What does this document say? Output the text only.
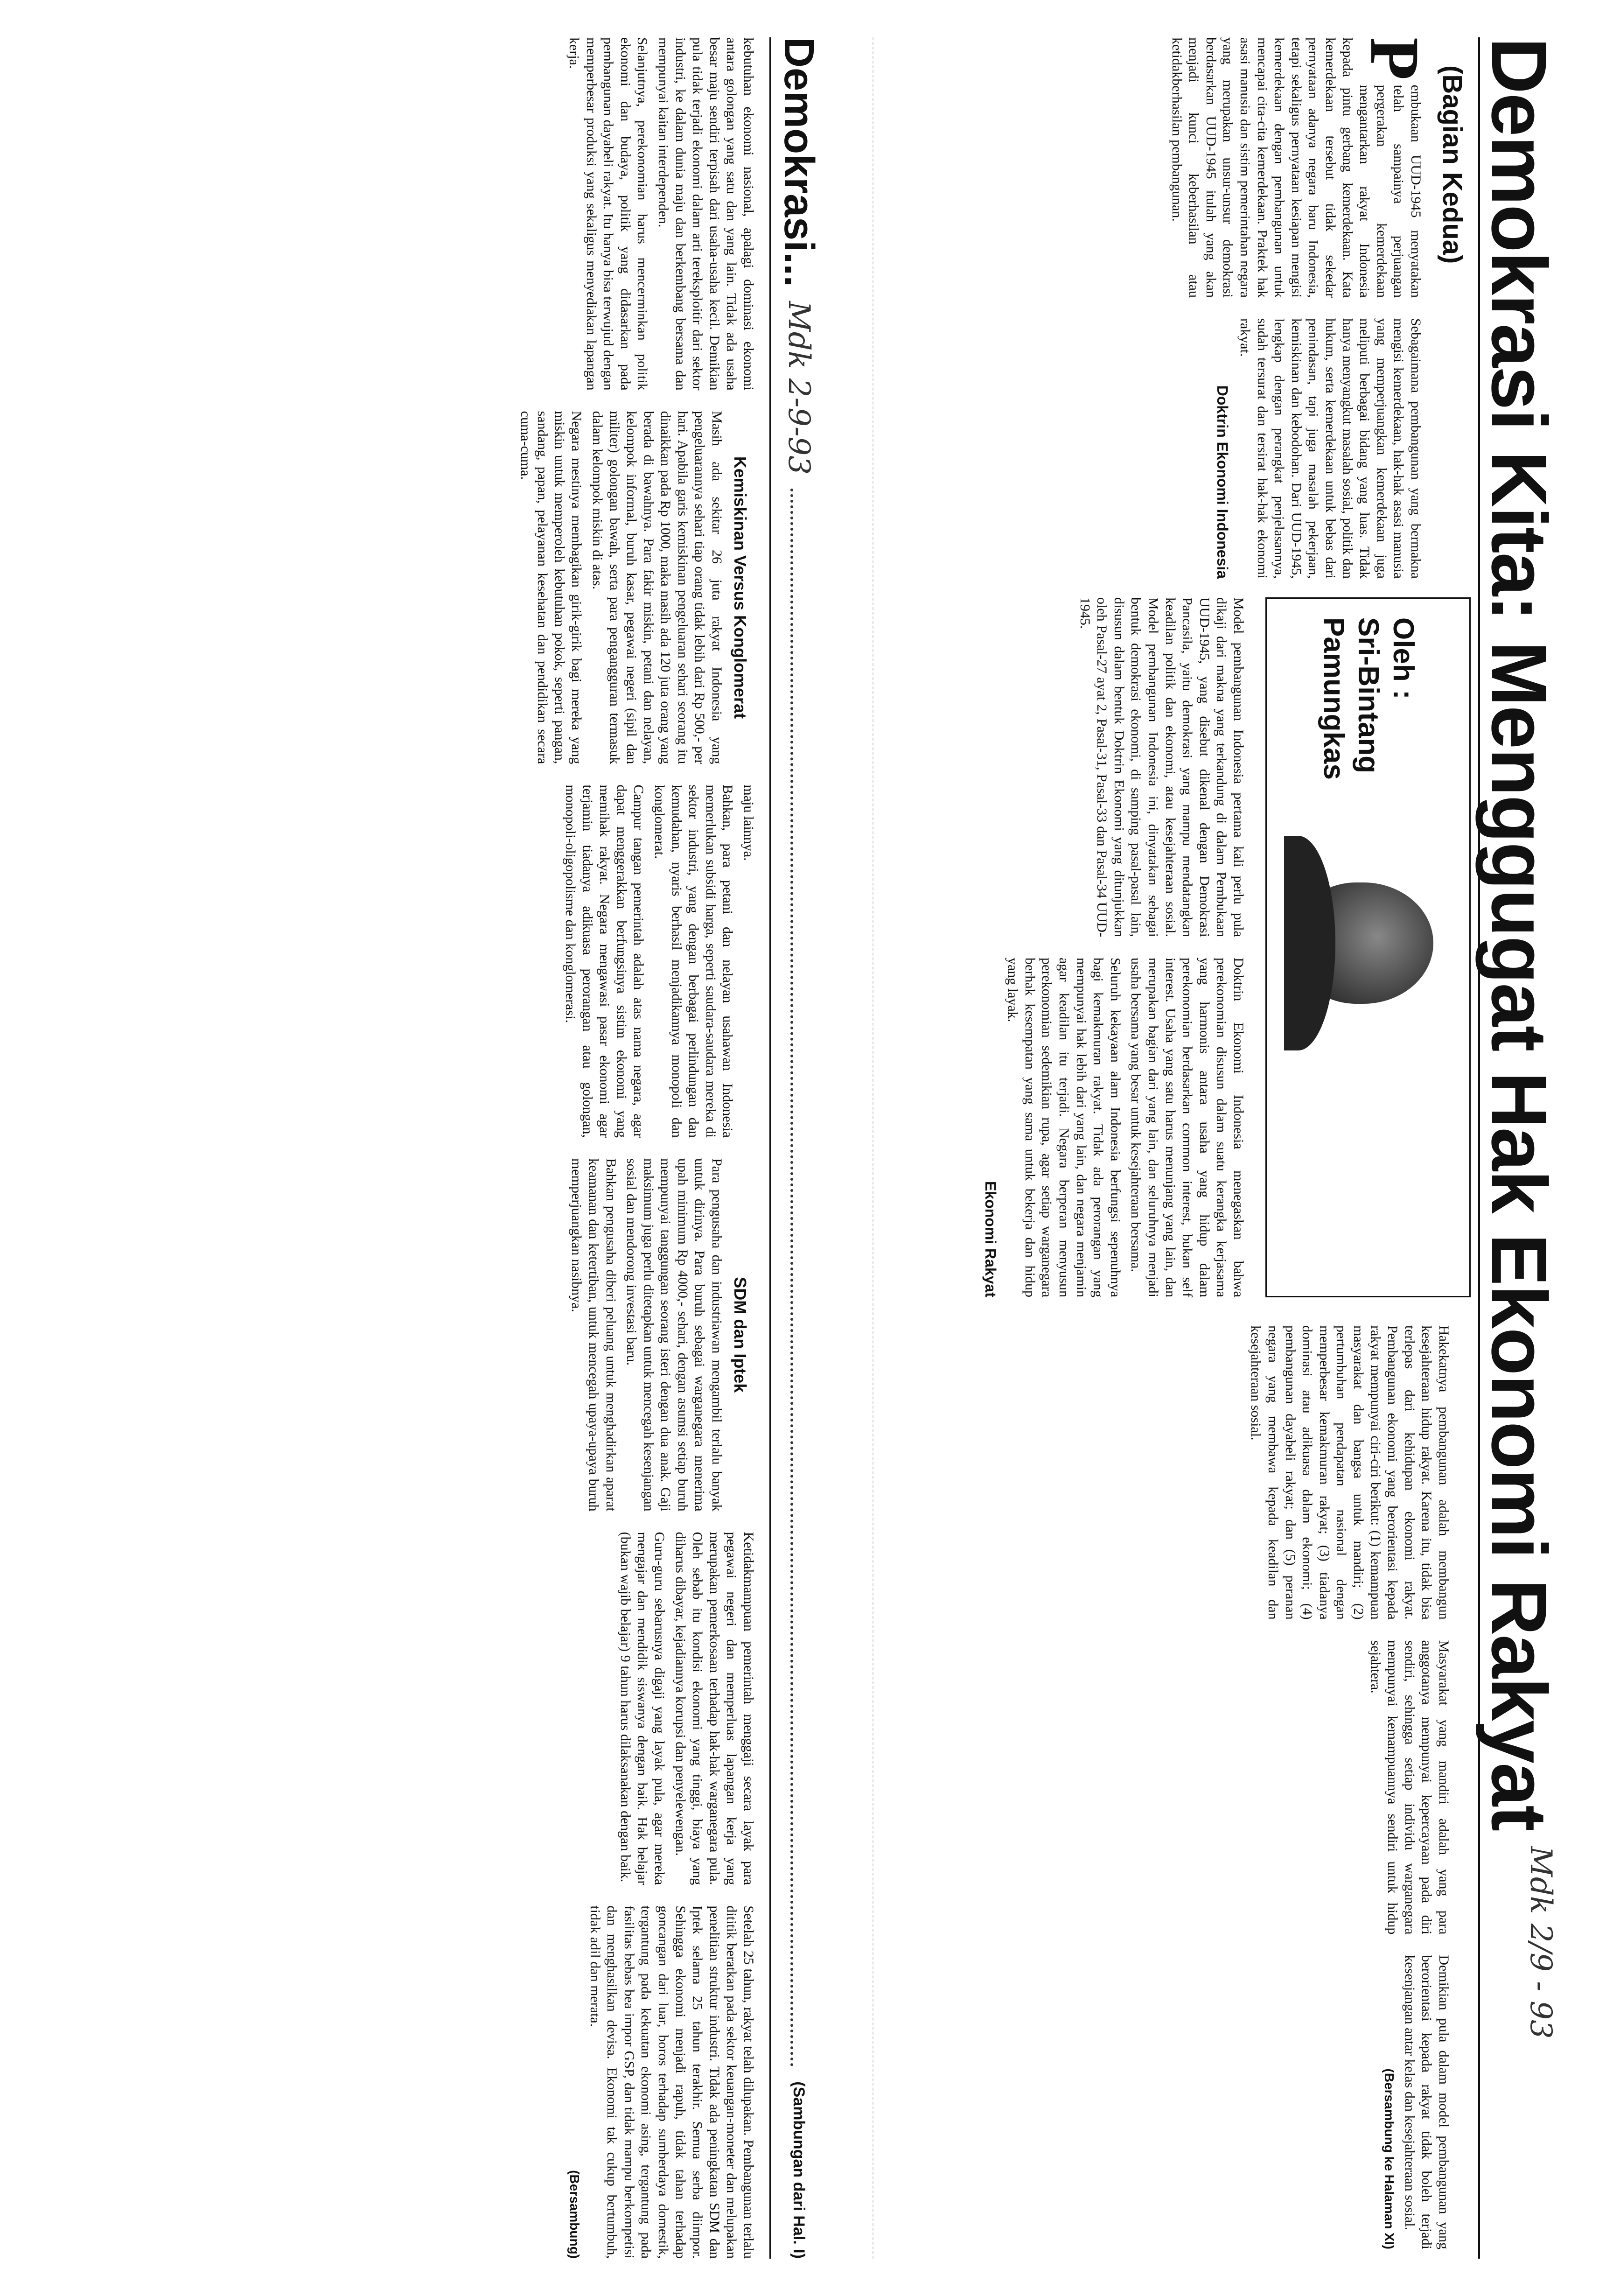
Demokrasi Kita: Menggugat Hak Ekonomi Rakyat
Mdk 2/9 - 93
(Bagian Kedua)
Oleh :
Sri-Bintang
Pamungkas

Pembukaan UUD-1945 menyatakan telah sampainya perjuangan pergerakan kemerdekaan mengantarkan rakyat Indonesia kepada pintu gerbang kemerdekaan. Kata kemerdekaan tersebut tidak sekedar pernyataan adanya negara baru Indonesia, tetapi sekaligus pernyataan kesiapan mengisi kemerdekaan dengan pembangunan untuk mencapai cita-cita kemerdekaan. Praktek hak asasi manusia dan sistim pemerintahan negara yang merupakan unsur-unsur demokrasi berdasarkan UUD-1945 itulah yang akan menjadi kunci keberhasilan atau ketidakberhasilan pembangunan.

Sebagaimana pembangunan yang bermakna mengisi kemerdekaan, hak-hak asasi manusia yang memperjuangkan kemerdekaan juga meliputi berbagai bidang yang luas. Tidak hanya menyangkut masalah sosial, politik dan hukum, serta kemerdekaan untuk bebas dari penindasan, tapi juga masalah pekerjaan, kemiskinan dan kebodohan. Dari UUD-1945, lengkap dengan perangkat penjelasannya, sudah tersurat dan tersirat hak-hak ekonomi rakyat.

Doktrin Ekonomi Indonesia

Model pembangunan Indonesia pertama kali perlu pula dikaji dari makna yang terkandung di dalam Pembukaan UUD-1945, yang disebut dikenal dengan Demokrasi Pancasila, yaitu demokrasi yang mampu mendatangkan keadilan politik dan ekonomi, atau kesejahteraan sosial. Model pembangunan Indonesia ini, dinyatakan sebagai bentuk demokrasi ekonomi, di samping pasal-pasal lain, disusun dalam bentuk Doktrin Ekonomi yang ditunjukkan oleh Pasal-27 ayat 2, Pasal-31, Pasal-33 dan Pasal-34 UUD-1945.

Doktrin Ekonomi Indonesia menegaskan bahwa perekonomian disusun dalam suatu kerangka kerjasama yang harmonis antara usaha yang hidup dalam perekonomian berdasarkan common interest, bukan self interest. Usaha yang satu harus menunjang yang lain, dan merupakan bagian dari yang lain, dan seluruhnya menjadi usaha bersama yang besar untuk kesejahteraan bersama.

Seluruh kekayaan alam Indonesia berfungsi sepenuhnya bagi kemakmuran rakyat. Tidak ada perorangan yang mempunyai hak lebih dari yang lain, dan negara menjamin agar keadilan itu terjadi. Negara berperan menyusun perekonomian sedemikian rupa, agar setiap warganegara berhak kesempatan yang sama untuk bekerja dan hidup yang layak.

Ekonomi Rakyat

Hakekatnya pembangunan adalah membangun kesejahteraan hidup rakyat. Karena itu, tidak bisa terlepas dari kehidupan ekonomi rakyat. Pembangunan ekonomi yang berorientasi kepada rakyat mempunyai ciri-ciri berikut: (1) kemampuan masyarakat dan bangsa untuk mandiri; (2) pertumbuhan pendapatan nasional dengan memperbesar kemakmuran rakyat; (3) tiadanya dominasi atau adikuasa dalam ekonomi; (4) pembangunan dayabeli rakyat; dan (5) peranan negara yang membawa kepada keadilan dan kesejahteraan sosial.

Masyarakat yang mandiri adalah yang para anggotanya mempunyai kepercayaan pada diri sendiri, sehingga setiap individu warganegara mempunyai kemampuannya sendiri untuk hidup sejahtera.

Demikian pula dalam model pembangunan yang berorientasi kepada rakyat tidak boleh terjadi kesenjangan antar kelas dan kesejahteraan sosial.

(Bersambung ke Halaman XI)

Demokrasi...
Mdk 2-9-93
(Sambungan dari Hal. I)

kebutuhan ekonomi nasional, apalagi dominasi ekonomi antara golongan yang satu dan yang lain. Tidak ada usaha besar maju sendiri terpisah dari usaha-usaha kecil. Demikian pula tidak terjadi ekonomi dalam arti tereksploitir dari sektor industri, ke dalam dunia maju dan berkembang bersama dan mempunyai kaitan interdependen.

Selanjutnya, perekonomian harus mencerminkan politik ekonomi dan budaya, politik yang didasarkan pada pembangunan dayabeli rakyat. Itu hanya bisa terwujud dengan memperbesar produksi yang sekaligus menyediakan lapangan kerja.

Kemiskinan Versus Konglomerat

Masih ada sekitar 26 juta rakyat Indonesia yang pengeluarannya sehari tiap orang tidak lebih dari Rp 500,- per hari. Apabila garis kemiskinan pengeluaran sehari seorang itu dinaikkan pada Rp 1000, maka masih ada 120 juta orang yang berada di bawahnya. Para fakir miskin, petani dan nelayan, kelompok informal, buruh kasar, pegawai negeri (sipil dan militer) golongan bawah, serta para pengangguran termasuk dalam kelompok miskin di atas.

Negara mestinya membagikan girik-girik bagi mereka yang miskin untuk memperoleh kebutuhan pokok, seperti pangan, sandang, papan, pelayanan kesehatan dan pendidikan secara cuma-cuma.

maju lainnya.

Bahkan, para petani dan nelayan usahawan Indonesia memerlukan subsidi harga, seperti saudara-saudara mereka di sektor industri, yang dengan berbagai perlindungan dan kemudahan, nyaris berhasil menjadikannya monopoli dan konglomerat.

Campur tangan pemerintah adalah atas nama negara, agar dapat menggerakkan berfungsinya sistim ekonomi yang memihak rakyat. Negara mengawasi pasar ekonomi agar terjamin tiadanya adikuasa perorangan atau golongan, monopoli-oligopolisme dan konglomerasi.

SDM dan Iptek

Para pengusaha dan industriawan mengambil terlalu banyak untuk dirinya. Para buruh sebagai warganegara menerima upah minimum Rp 4000,- sehari, dengan asumsi setiap buruh mempunyai tanggungan seorang isteri dengan dua anak. Gaji maksimum juga perlu ditetapkan untuk mencegah kesenjangan sosial dan mendorong investasi baru.

Bahkan pengusaha diberi peluang untuk menghadirkan aparat keamanan dan ketertiban, untuk mencegah upaya-upaya buruh memperjuangkan nasibnya.

Ketidakmampuan pemerintah menggaji secara layak para pegawai negeri dan memperluas lapangan kerja yang merupakan pemerkosaan terhadap hak-hak warganegara pula. Oleh sebab itu kondisi ekonomi yang tinggi, biaya yang diharus dibayar, kejadiannya korupsi dan penyelewengan.

Guru-guru sebarusnya digaji yang layak pula, agar mereka mengajar dan mendidik siswanya dengan baik. Hak belajar (bukan wajib belajar) 9 tahun harus dilaksanakan dengan baik.

Setelah 25 tahun, rakyat telah dilupakan. Pembangunan terlalu dititik beratkan pada sektor keuangan-moneter dan melupakan penelitian struktur industri. Tidak ada peningkatan SDM dan Iptek selama 25 tahun terakhir. Semua serba diimpor. Sehingga ekonomi menjadi rapuh, tidak tahan terhadap goncangan dari luar, boros terhadap sumberdaya domestik, tergantung pada kekuatan ekonomi asing, tergantung pada fasilitas bebas bea impor GSP, dan tidak mampu berkompetisi dan menghasilkan devisa. Ekonomi tak cukup bertumbuh, tidak adil dan merata.

(Bersambung)
